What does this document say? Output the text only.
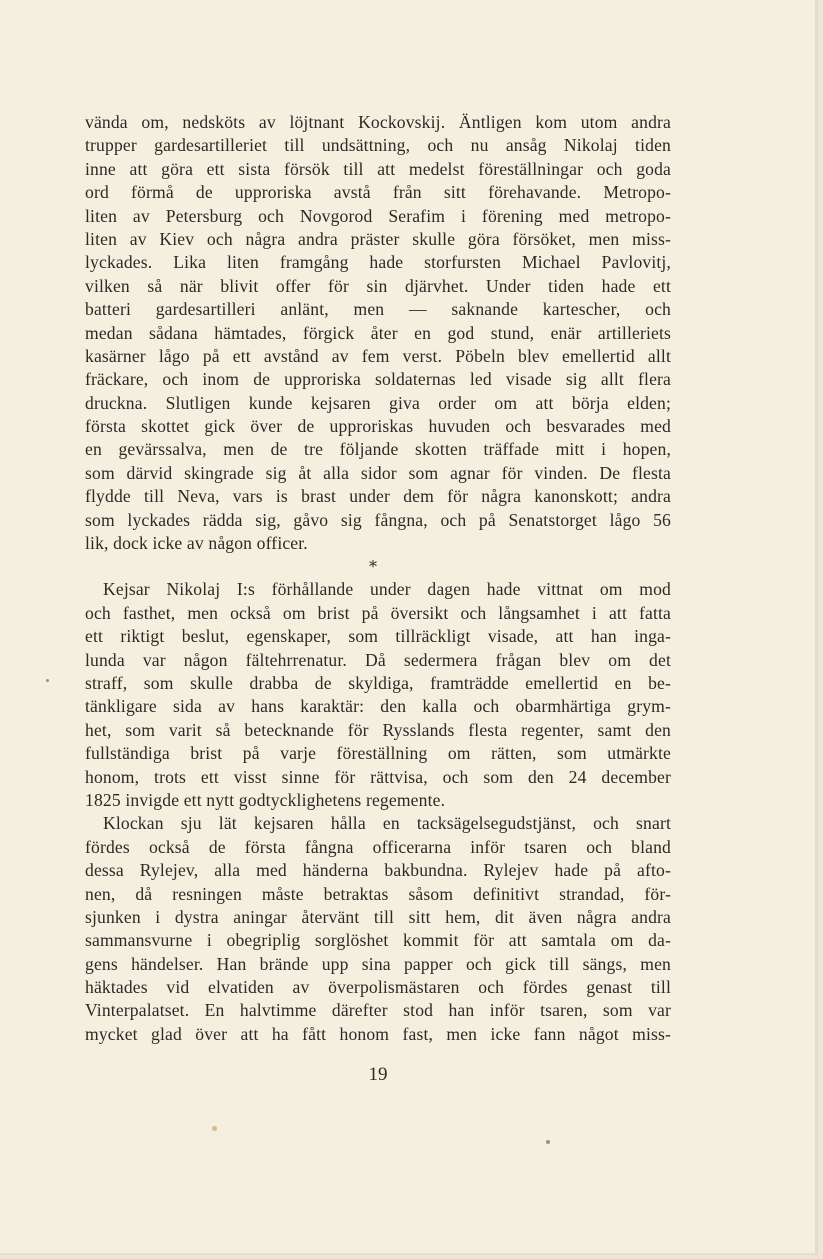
vända om, nedsköts av löjtnant Kockovskij. Äntligen kom utom andra
trupper gardesartilleriet till undsättning, och nu ansåg Nikolaj tiden
inne att göra ett sista försök till att medelst föreställningar och goda
ord förmå de upproriska avstå från sitt förehavande. Metropo-
liten av Petersburg och Novgorod Serafim i förening med metropo-
liten av Kiev och några andra präster skulle göra försöket, men miss-
lyckades. Lika liten framgång hade storfursten Michael Pavlovitj,
vilken så när blivit offer för sin djärvhet. Under tiden hade ett
batteri gardesartilleri anlänt, men — saknande kartescher, och
medan sådana hämtades, förgick åter en god stund, enär artilleriets
kasärner lågo på ett avstånd av fem verst. Pöbeln blev emellertid allt
fräckare, och inom de upproriska soldaternas led visade sig allt flera
druckna. Slutligen kunde kejsaren giva order om att börja elden;
första skottet gick över de upproriskas huvuden och besvarades med
en gevärssalva, men de tre följande skotten träffade mitt i hopen,
som därvid skingrade sig åt alla sidor som agnar för vinden. De flesta
flydde till Neva, vars is brast under dem för några kanonskott; andra
som lyckades rädda sig, gåvo sig fångna, och på Senatstorget lågo 56
lik, dock icke av någon officer.
*
Kejsar Nikolaj I:s förhållande under dagen hade vittnat om mod
och fasthet, men också om brist på översikt och långsamhet i att fatta
ett riktigt beslut, egenskaper, som tillräckligt visade, att han inga-
lunda var någon fältehrrenatur. Då sedermera frågan blev om det
straff, som skulle drabba de skyldiga, framträdde emellertid en be-
tänkligare sida av hans karaktär: den kalla och obarmhärtiga grym-
het, som varit så betecknande för Rysslands flesta regenter, samt den
fullständiga brist på varje föreställning om rätten, som utmärkte
honom, trots ett visst sinne för rättvisa, och som den 24 december
1825 invigde ett nytt godtycklighetens regemente.
Klockan sju lät kejsaren hålla en tacksägelsegudstjänst, och snart
fördes också de första fångna officerarna inför tsaren och bland
dessa Rylejev, alla med händerna bakbundna. Rylejev hade på afto-
nen, då resningen måste betraktas såsom definitivt strandad, för-
sjunken i dystra aningar återvänt till sitt hem, dit även några andra
sammansvurne i obegriplig sorglöshet kommit för att samtala om da-
gens händelser. Han brände upp sina papper och gick till sängs, men
häktades vid elvatiden av överpolismästaren och fördes genast till
Vinterpalatset. En halvtimme därefter stod han inför tsaren, som var
mycket glad över att ha fått honom fast, men icke fann något miss-
19
